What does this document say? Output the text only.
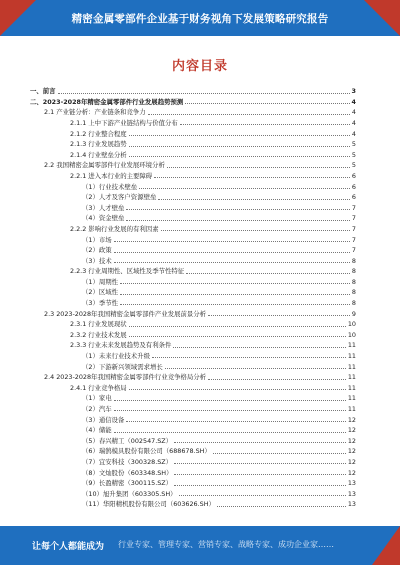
精密金属零部件企业基于财务视角下发展策略研究报告
内容目录
一、前言	3
二、2023-2028年精密金属零部件行业发展趋势预测	4
2.1 产业链分析：产业链条和竞争力	4
2.1.1 上中下游产业链结构与价值分布	4
2.1.2 行业整合程度	4
2.1.3 行业发展趋势	5
2.1.4 行业壁垒分析	5
2.2 我国精密金属零部件行业发展环境分析	5
2.2.1 进入本行业的主要障碍	6
（1）行业技术壁垒	6
（2）人才及客户资源壁垒	6
（3）人才壁垒	7
（4）资金壁垒	7
2.2.2 影响行业发展的有利因素	7
（1）市场	7
（2）政策	7
（3）技术	8
2.2.3 行业周期性、区域性及季节性特征	8
（1）周期性	8
（2）区域性	8
（3）季节性	8
2.3 2023-2028年我国精密金属零部件产业发展前景分析	9
2.3.1 行业发展现状	10
2.3.2 行业技术发展	10
2.3.3 行业未来发展趋势及有利条件	11
（1）未来行业技术升级	11
（2）下游新兴领域需求增长	11
2.4 2023-2028年我国精密金属零部件行业竞争格局分析	11
2.4.1 行业竞争格局	11
（1）家电	11
（2）汽车	11
（3）通信设备	12
（4）储能	12
（5）春兴精工（002547.SZ）	12
（6）瑞鹄模具股份有限公司（688678.SH）	12
（7）宜安科技（300328.SZ）	12
（8）文灿股份（603348.SH）	12
（9）长盈精密（300115.SZ）	13
（10）旭升集团（603305.SH）	13
（11）华阳精机股份有限公司（603626.SH）	13
让每个人都能成为 行业专家、管理专家、营销专家、战略专家、成功企业家……
